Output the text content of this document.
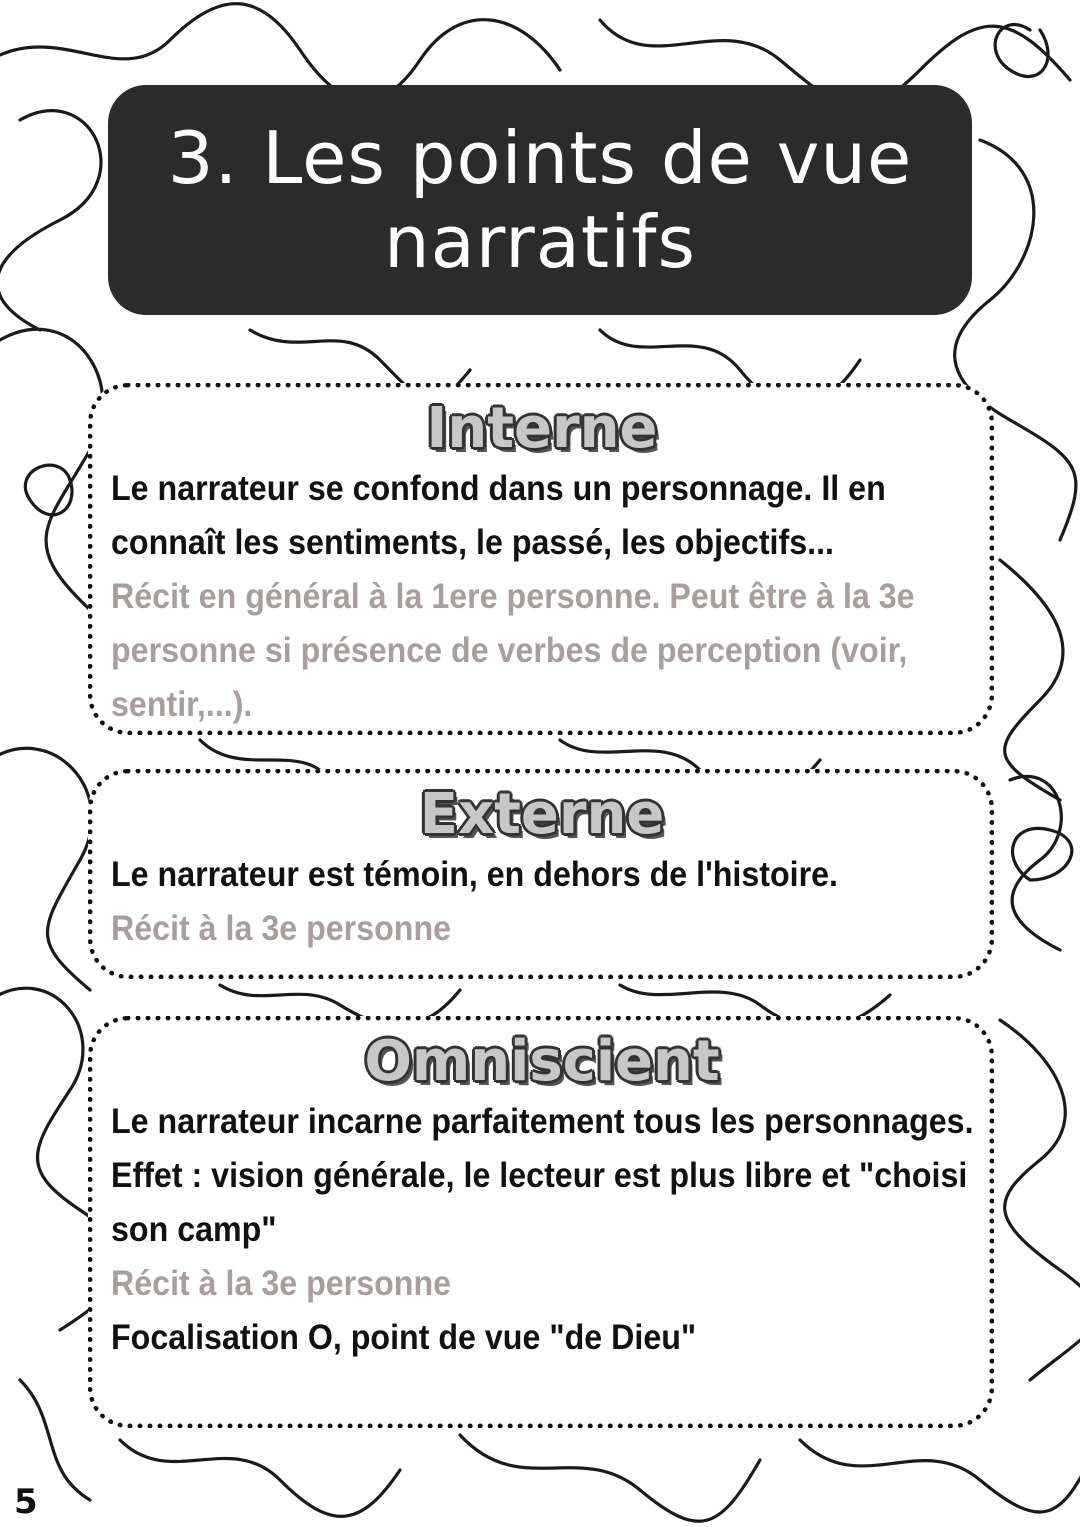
3. Les points de vue
narratifs
Interne
Le narrateur se confond dans un personnage. Il en connaît les sentiments, le passé, les objectifs...
Récit en général à la 1ere personne. Peut être à la 3e personne si présence de verbes de perception (voir, sentir,...).
Externe
Le narrateur est témoin, en dehors de l'histoire.
Récit à la 3e personne
Omniscient
Le narrateur incarne parfaitement tous les personnages.
Effet : vision générale, le lecteur est plus libre et "choisi son camp"
Récit à la 3e personne
Focalisation O, point de vue "de Dieu"
5
